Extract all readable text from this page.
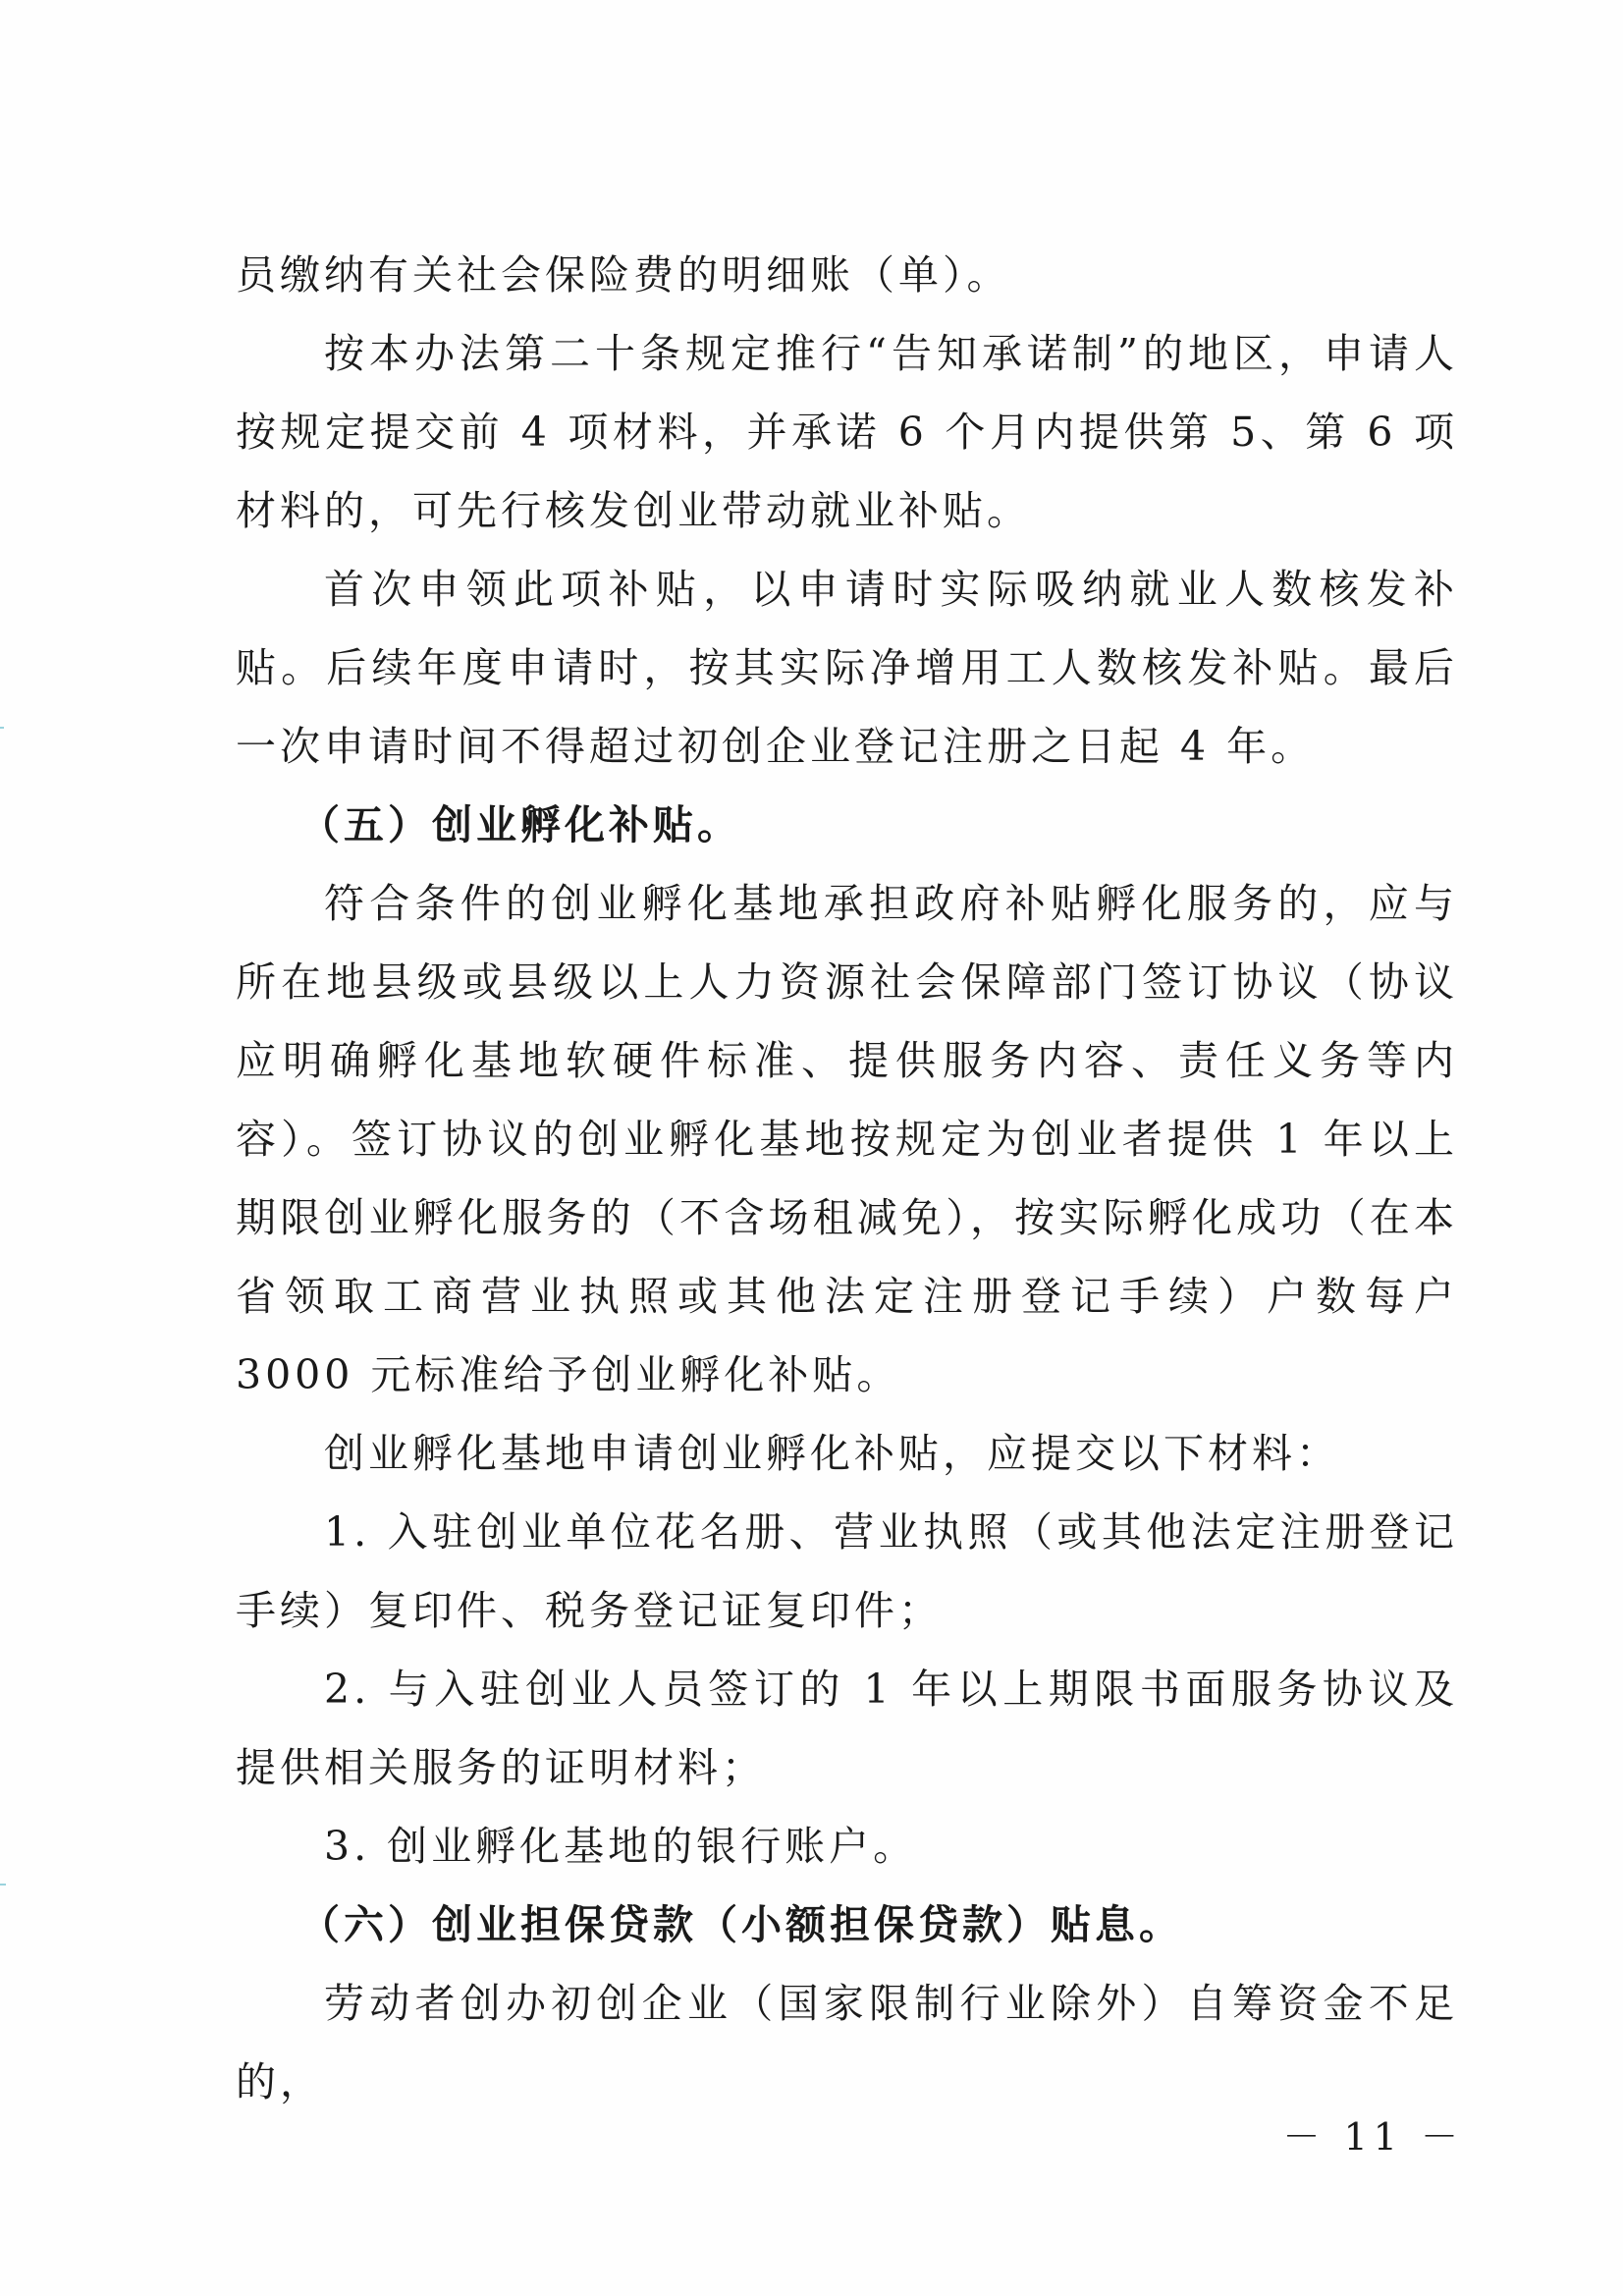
员缴纳有关社会保险费的明细账（单）。

按本办法第二十条规定推行“告知承诺制”的地区，申请人按规定提交前 4 项材料，并承诺 6 个月内提供第 5、第 6 项材料的，可先行核发创业带动就业补贴。

首次申领此项补贴，以申请时实际吸纳就业人数核发补贴。后续年度申请时，按其实际净增用工人数核发补贴。最后一次申请时间不得超过初创企业登记注册之日起 4 年。

（五）创业孵化补贴。

符合条件的创业孵化基地承担政府补贴孵化服务的，应与所在地县级或县级以上人力资源社会保障部门签订协议（协议应明确孵化基地软硬件标准、提供服务内容、责任义务等内容）。签订协议的创业孵化基地按规定为创业者提供 1 年以上期限创业孵化服务的（不含场租减免），按实际孵化成功（在本省领取工商营业执照或其他法定注册登记手续）户数每户 3000 元标准给予创业孵化补贴。

创业孵化基地申请创业孵化补贴，应提交以下材料：

1. 入驻创业单位花名册、营业执照（或其他法定注册登记手续）复印件、税务登记证复印件；

2. 与入驻创业人员签订的 1 年以上期限书面服务协议及提供相关服务的证明材料；

3. 创业孵化基地的银行账户。

（六）创业担保贷款（小额担保贷款）贴息。

劳动者创办初创企业（国家限制行业除外）自筹资金不足的，

－ 11 －
